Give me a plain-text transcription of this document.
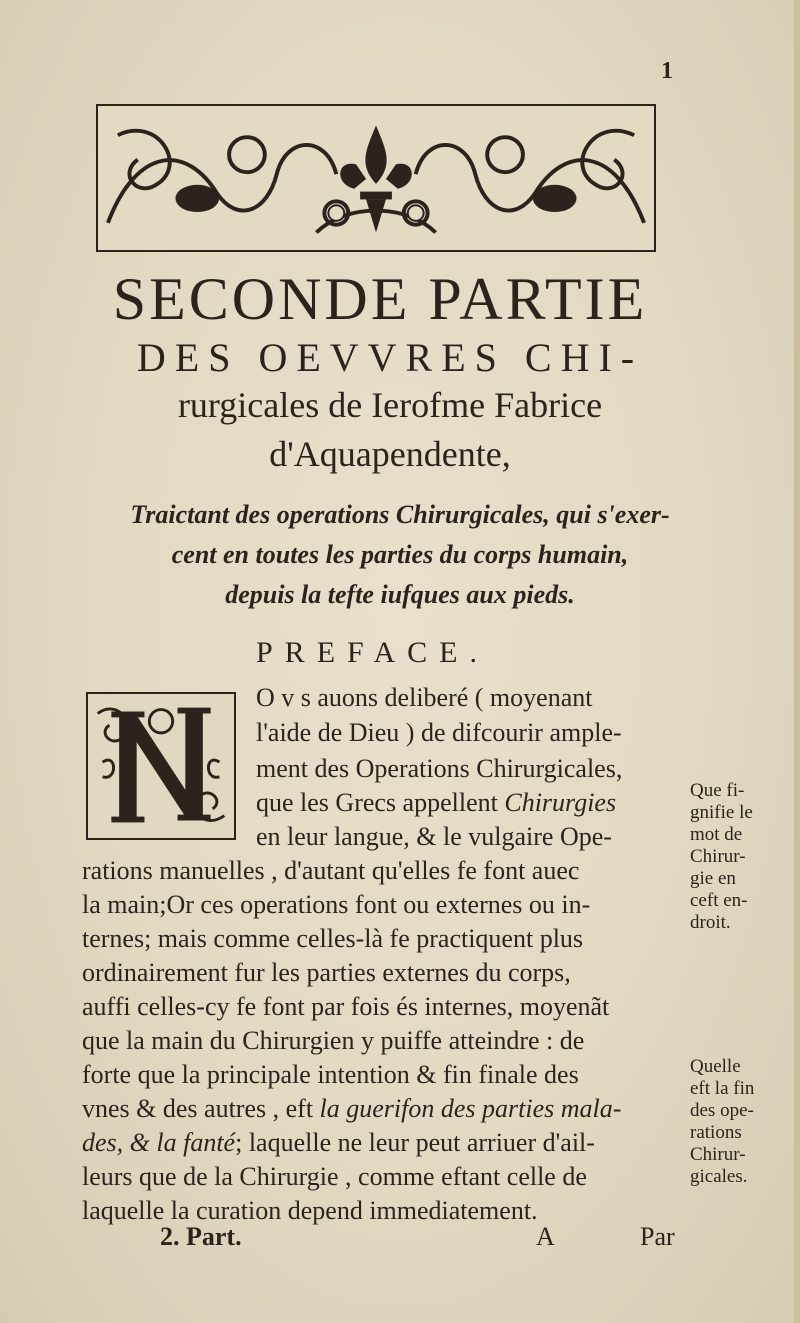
1
SECONDE PARTIE
DES OEVVRES CHI-
rurgicales de Ierofme Fabrice
d'Aquapendente,
Traictant des operations Chirurgicales, qui s'exer-
cent en toutes les parties du corps humain,
depuis la tefte iufques aux pieds.
PREFACE.
O v s auons deliberé ( moyenant
l'aide de Dieu ) de difcourir ample-
ment des Operations Chirurgicales,
que les Grecs appellent Chirurgies
en leur langue, & le vulgaire Ope-
rations manuelles , d'autant qu'elles fe font auec
la main;Or ces operations font ou externes ou in-
ternes; mais comme celles-là fe practiquent plus
ordinairement fur les parties externes du corps,
auffi celles-cy fe font par fois és internes, moyenãt
que la main du Chirurgien y puiffe atteindre : de
forte que la principale intention & fin finale des
vnes & des autres , eft la guerifon des parties mala-
des, & la fanté; laquelle ne leur peut arriuer d'ail-
leurs que de la Chirurgie , comme eftant celle de
laquelle la curation depend immediatement.
Que fi-
gnifie le
mot de
Chirur-
gie en
ceft en-
droit.
Quelle
eft la fin
des ope-
rations
Chirur-
gicales.
2. Part.	A	Par
